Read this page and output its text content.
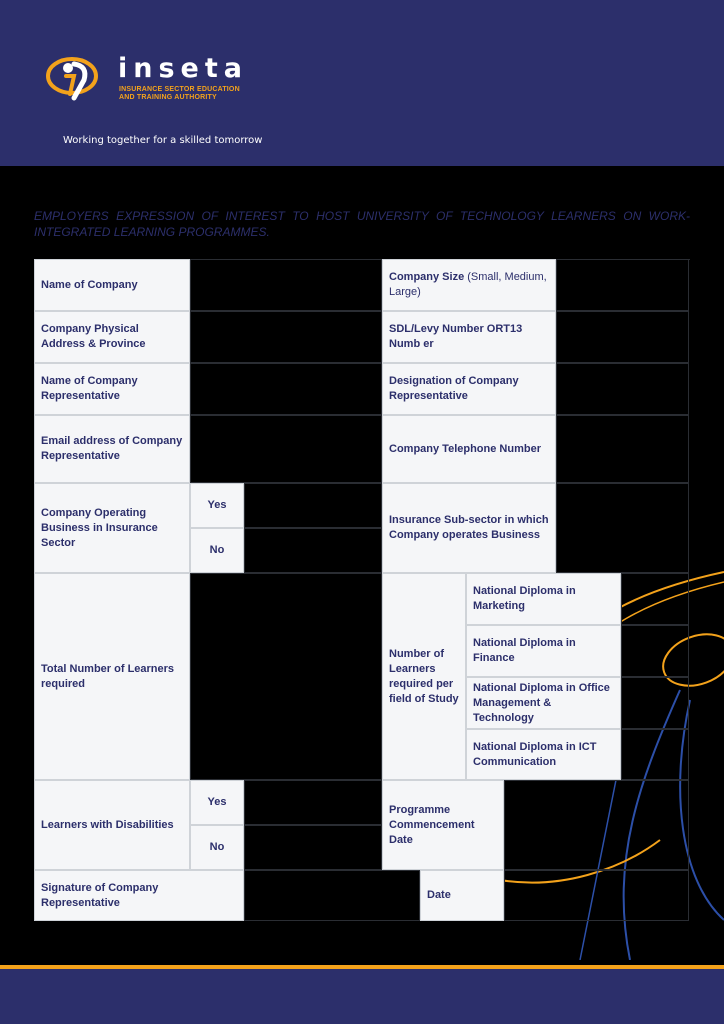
inseta
INSURANCE SECTOR EDUCATION
AND TRAINING AUTHORITY
Working together for a skilled tomorrow
EMPLOYERS EXPRESSION OF INTEREST TO HOST UNIVERSITY OF TECHNOLOGY LEARNERS ON WORK-INTEGRATED LEARNING PROGRAMMES.
Name of Company
Company Size (Small, Medium, Large)
Company Physical Address & Province
SDL/Levy Number ORT13 Numb er
Name of Company Representative
Designation of Company Representative
Email address of Company Representative
Company Telephone Number
Company Operating Business in Insurance Sector
Yes
No
Insurance Sub-sector in which Company operates Business
Total Number of Learners required
Number of Learners required per field of Study
National Diploma in Marketing
National Diploma in Finance
National Diploma in Office Management & Technology
National Diploma in ICT Communication
Learners with Disabilities
Yes
No
Programme Commencement Date
Signature of Company Representative
Date
